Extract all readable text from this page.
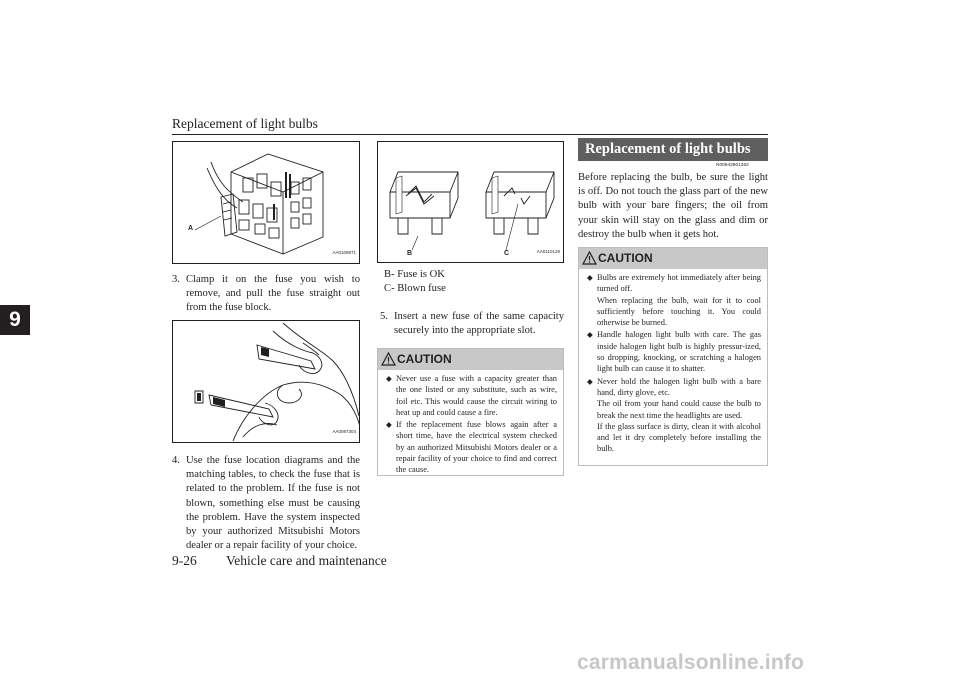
Replacement of light bulbs
9
9-26 Vehicle care and maintenance
A
AA0109871
3. Clamp it on the fuse you wish to remove, and pull the fuse straight out from the fuse block.
AA0087304
4. Use the fuse location diagrams and the matching tables, to check the fuse that is related to the problem. If the fuse is not blown, something else must be causing the problem. Have the system inspected by your authorized Mitsubishi Motors dealer or a repair facility of your choice.
B	C	AA0110129
B- Fuse is OK
C- Blown fuse
5. Insert a new fuse of the same capacity securely into the appropriate slot.
CAUTION
◆ Never use a fuse with a capacity greater than the one listed or any substitute, such as wire, foil etc. This would cause the circuit wiring to heat up and could cause a fire.
◆ If the replacement fuse blows again after a short time, have the electrical system checked by an authorized Mitsubishi Motors dealer or a repair facility of your choice to find and correct the cause.
Replacement of light bulbs
N00942901362
Before replacing the bulb, be sure the light is off. Do not touch the glass part of the new bulb with your bare fingers; the oil from your skin will stay on the glass and dim or destroy the bulb when it gets hot.
CAUTION
◆ Bulbs are extremely hot immediately after being turned off.
When replacing the bulb, wait for it to cool sufficiently before touching it. You could otherwise be burned.
◆ Handle halogen light bulb with care. The gas inside halogen light bulb is highly pressur-ized, so dropping, knocking, or scratching a halogen light bulb can cause it to shatter.
◆ Never hold the halogen light bulb with a bare hand, dirty glove, etc.
The oil from your hand could cause the bulb to break the next time the headlights are used.
If the glass surface is dirty, clean it with alcohol and let it dry completely before installing the bulb.
carmanualsonline.info
